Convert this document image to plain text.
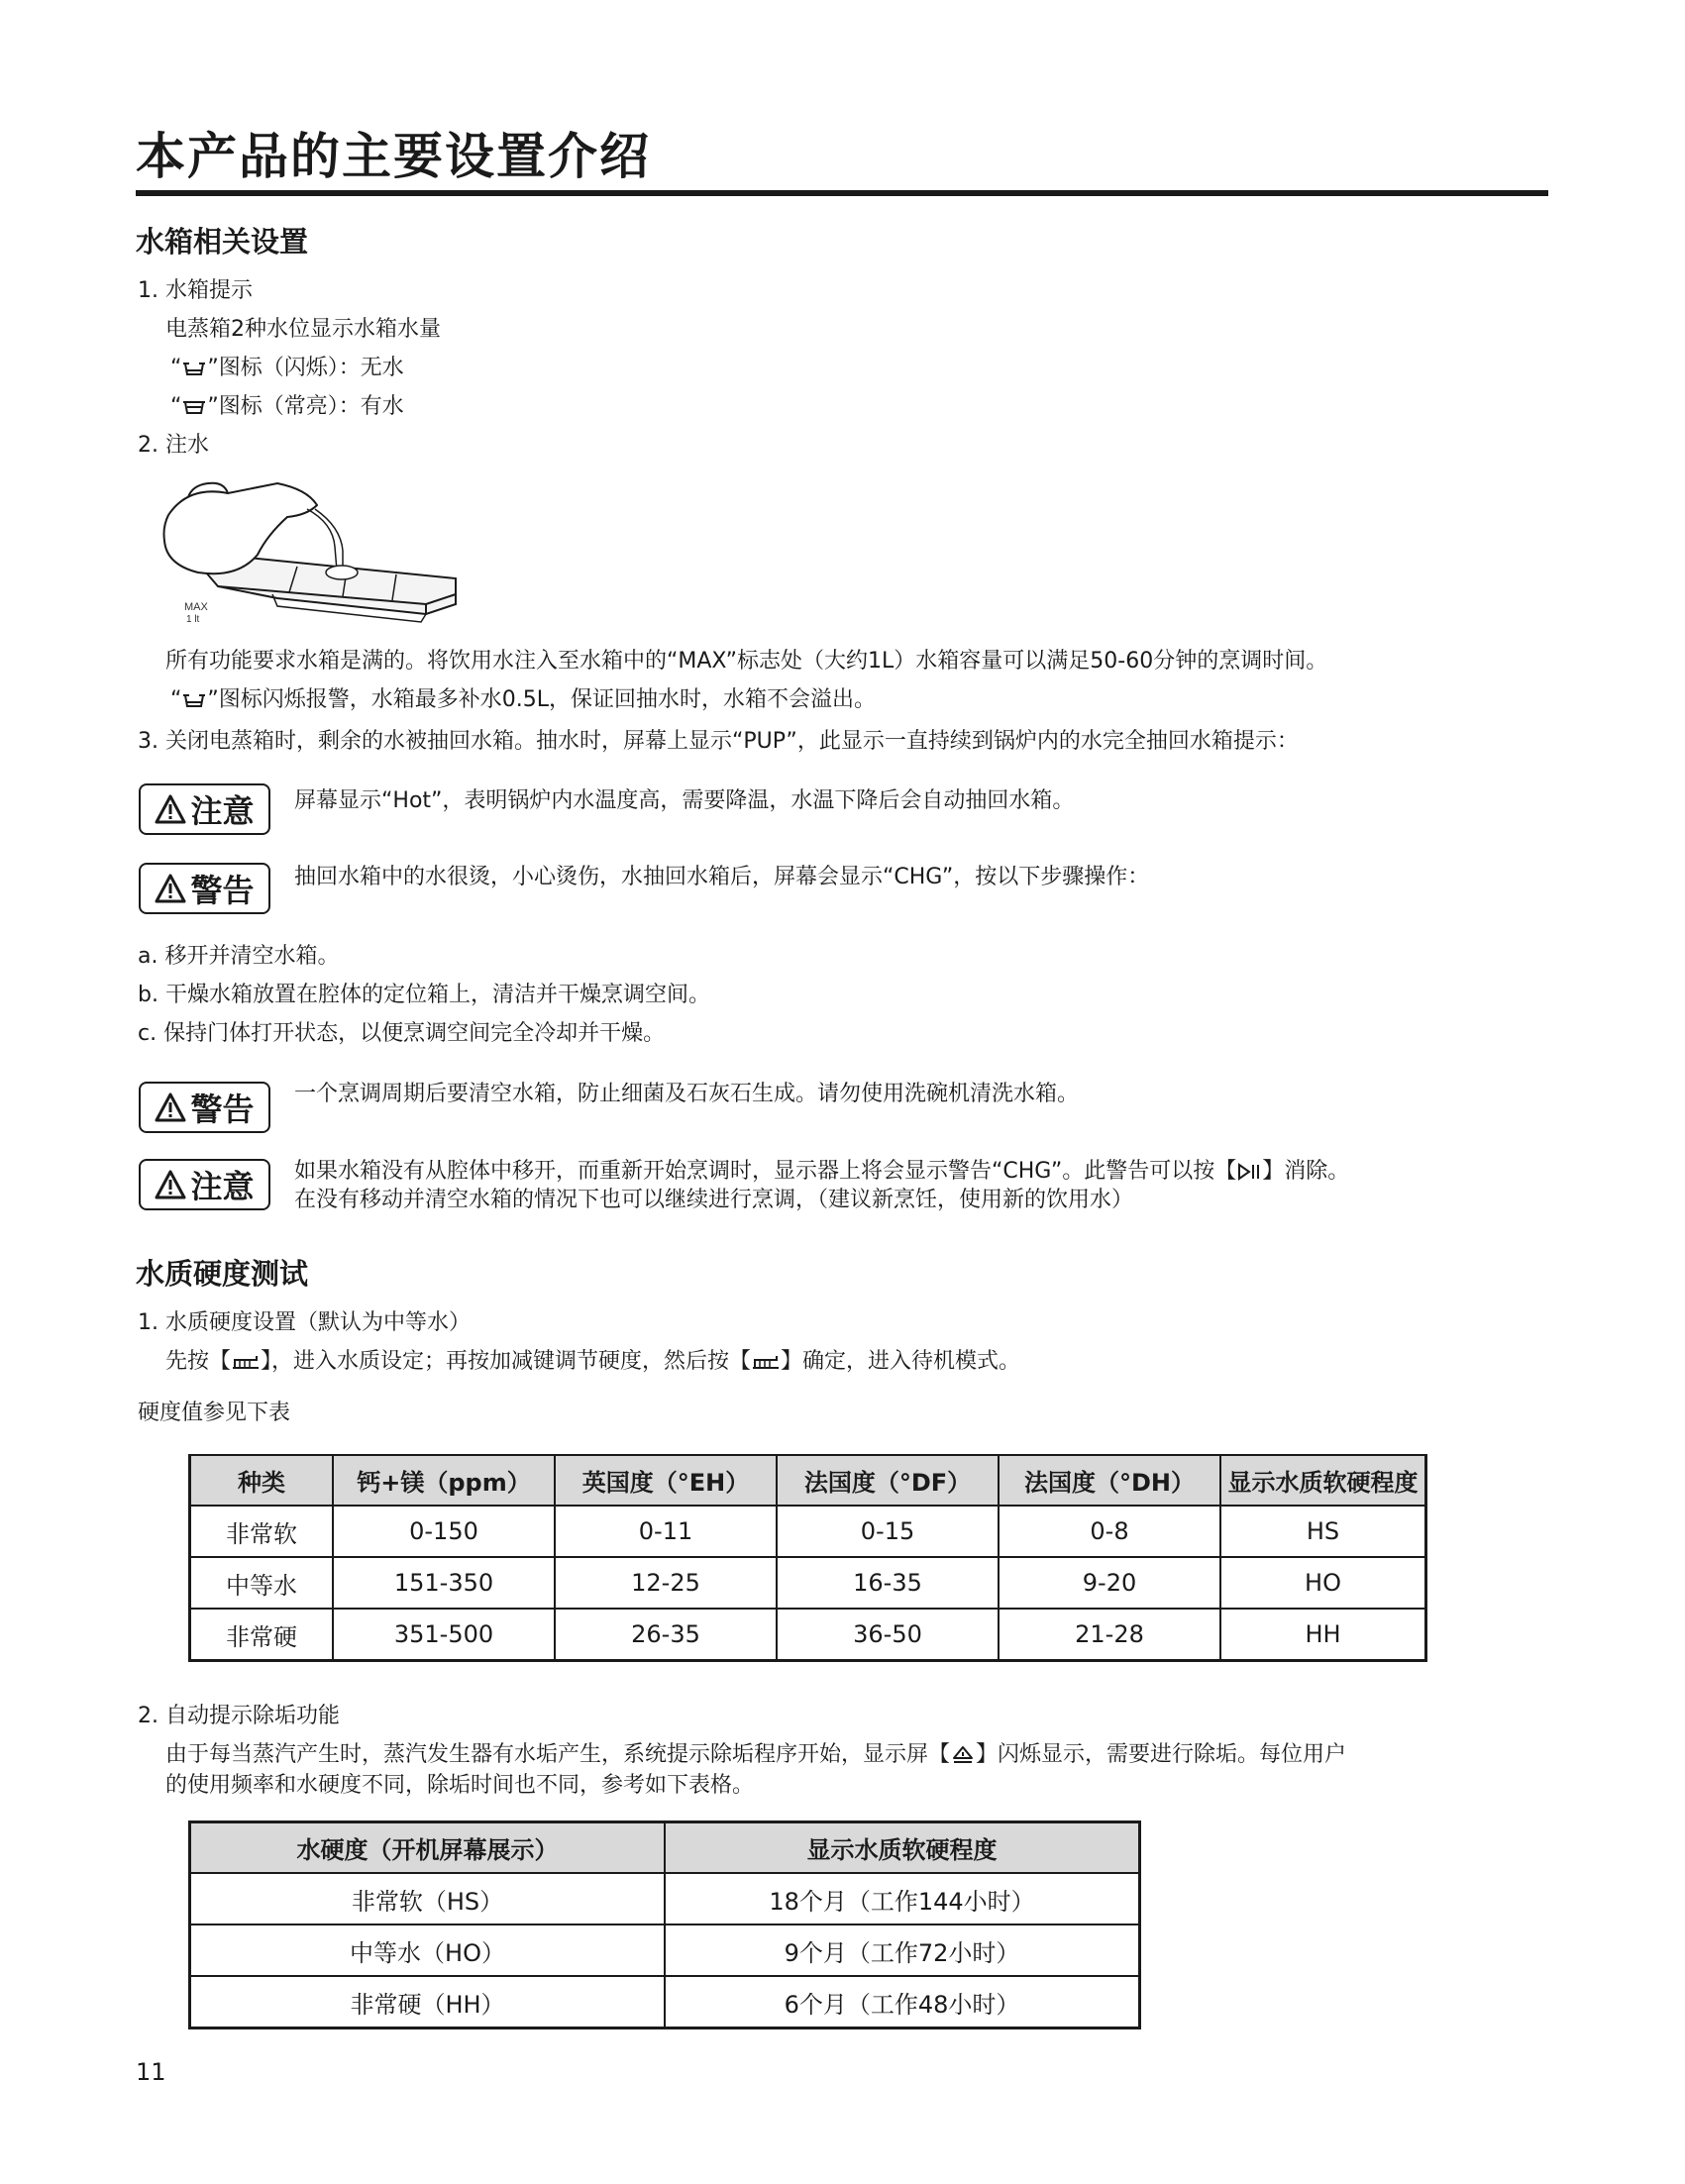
本产品的主要设置介绍
水箱相关设置
1. 水箱提示
电蒸箱2种水位显示水箱水量
“ ”图标（闪烁）：无水
“ ”图标（常亮）：有水
2. 注水
MAX
1 lt
所有功能要求水箱是满的。将饮用水注入至水箱中的“MAX”标志处（大约1L）水箱容量可以满足50-60分钟的烹调时间。
“ ”图标闪烁报警，水箱最多补水0.5L，保证回抽水时，水箱不会溢出。
3. 关闭电蒸箱时，剩余的水被抽回水箱。抽水时，屏幕上显示“PUP”，此显示一直持续到锅炉内的水完全抽回水箱提示：
注意 屏幕显示“Hot”，表明锅炉内水温度高，需要降温，水温下降后会自动抽回水箱。
警告 抽回水箱中的水很烫，小心烫伤，水抽回水箱后，屏幕会显示“CHG”，按以下步骤操作：
a. 移开并清空水箱。
b. 干燥水箱放置在腔体的定位箱上，清洁并干燥烹调空间。
c. 保持门体打开状态，以便烹调空间完全冷却并干燥。
警告 一个烹调周期后要清空水箱，防止细菌及石灰石生成。请勿使用洗碗机清洗水箱。
注意 如果水箱没有从腔体中移开，而重新开始烹调时，显示器上将会显示警告“CHG”。此警告可以按【 】消除。
在没有移动并清空水箱的情况下也可以继续进行烹调，（建议新烹饪，使用新的饮用水）
水质硬度测试
1. 水质硬度设置（默认为中等水）
先按【 】，进入水质设定；再按加减键调节硬度，然后按【 】确定，进入待机模式。
硬度值参见下表
种类	钙+镁（ppm）	英国度（°EH）	法国度（°DF）	法国度（°DH）	显示水质软硬程度
非常软	0-150	0-11	0-15	0-8	HS
中等水	151-350	12-25	16-35	9-20	HO
非常硬	351-500	26-35	36-50	21-28	HH
2. 自动提示除垢功能
由于每当蒸汽产生时，蒸汽发生器有水垢产生，系统提示除垢程序开始，显示屏【 】闪烁显示，需要进行除垢。每位用户
的使用频率和水硬度不同，除垢时间也不同，参考如下表格。
水硬度（开机屏幕展示）	显示水质软硬程度
非常软（HS）	18个月（工作144小时）
中等水（HO）	9个月（工作72小时）
非常硬（HH）	6个月（工作48小时）
11
